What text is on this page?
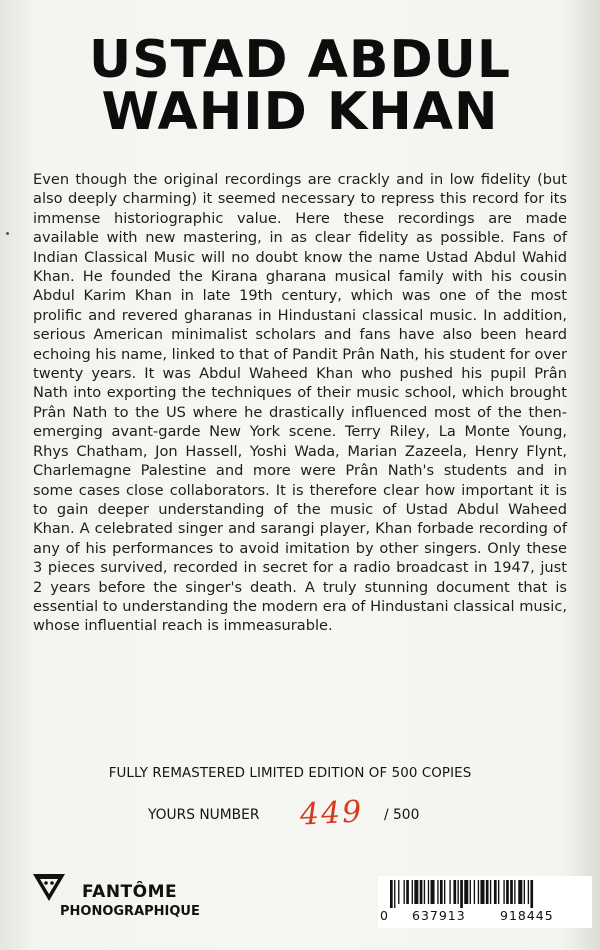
USTAD ABDUL
WAHID KHAN
Even though the original recordings are crackly and in low fidelity (but also deeply charming) it seemed necessary to repress this record for its immense historiographic value. Here these recordings are made available with new mastering, in as clear fidelity as possible. Fans of Indian Classical Music will no doubt know the name Ustad Abdul Wahid Khan. He founded the Kirana gharana musical family with his cousin Abdul Karim Khan in late 19th century, which was one of the most prolific and revered gharanas in Hindustani classical music. In addition, serious American minimalist scholars and fans have also been heard echoing his name, linked to that of Pandit Prân Nath, his student for over twenty years. It was Abdul Waheed Khan who pushed his pupil Prân Nath into exporting the techniques of their music school, which brought Prân Nath to the US where he drastically influenced most of the then-emerging avant-garde New York scene. Terry Riley, La Monte Young, Rhys Chatham, Jon Hassell, Yoshi Wada, Marian Zazeela, Henry Flynt, Charlemagne Palestine and more were Prân Nath's students and in some cases close collaborators. It is therefore clear how important it is to gain deeper understanding of the music of Ustad Abdul Waheed Khan. A celebrated singer and sarangi player, Khan forbade recording of any of his performances to avoid imitation by other singers. Only these 3 pieces survived, recorded in secret for a radio broadcast in 1947, just 2 years before the singer's death. A truly stunning document that is essential to understanding the modern era of Hindustani classical music, whose influential reach is immeasurable.
FULLY REMASTERED LIMITED EDITION OF 500 COPIES
YOURS NUMBER 449 / 500
FANTÔME
PHONOGRAPHIQUE	0 637913	918445
